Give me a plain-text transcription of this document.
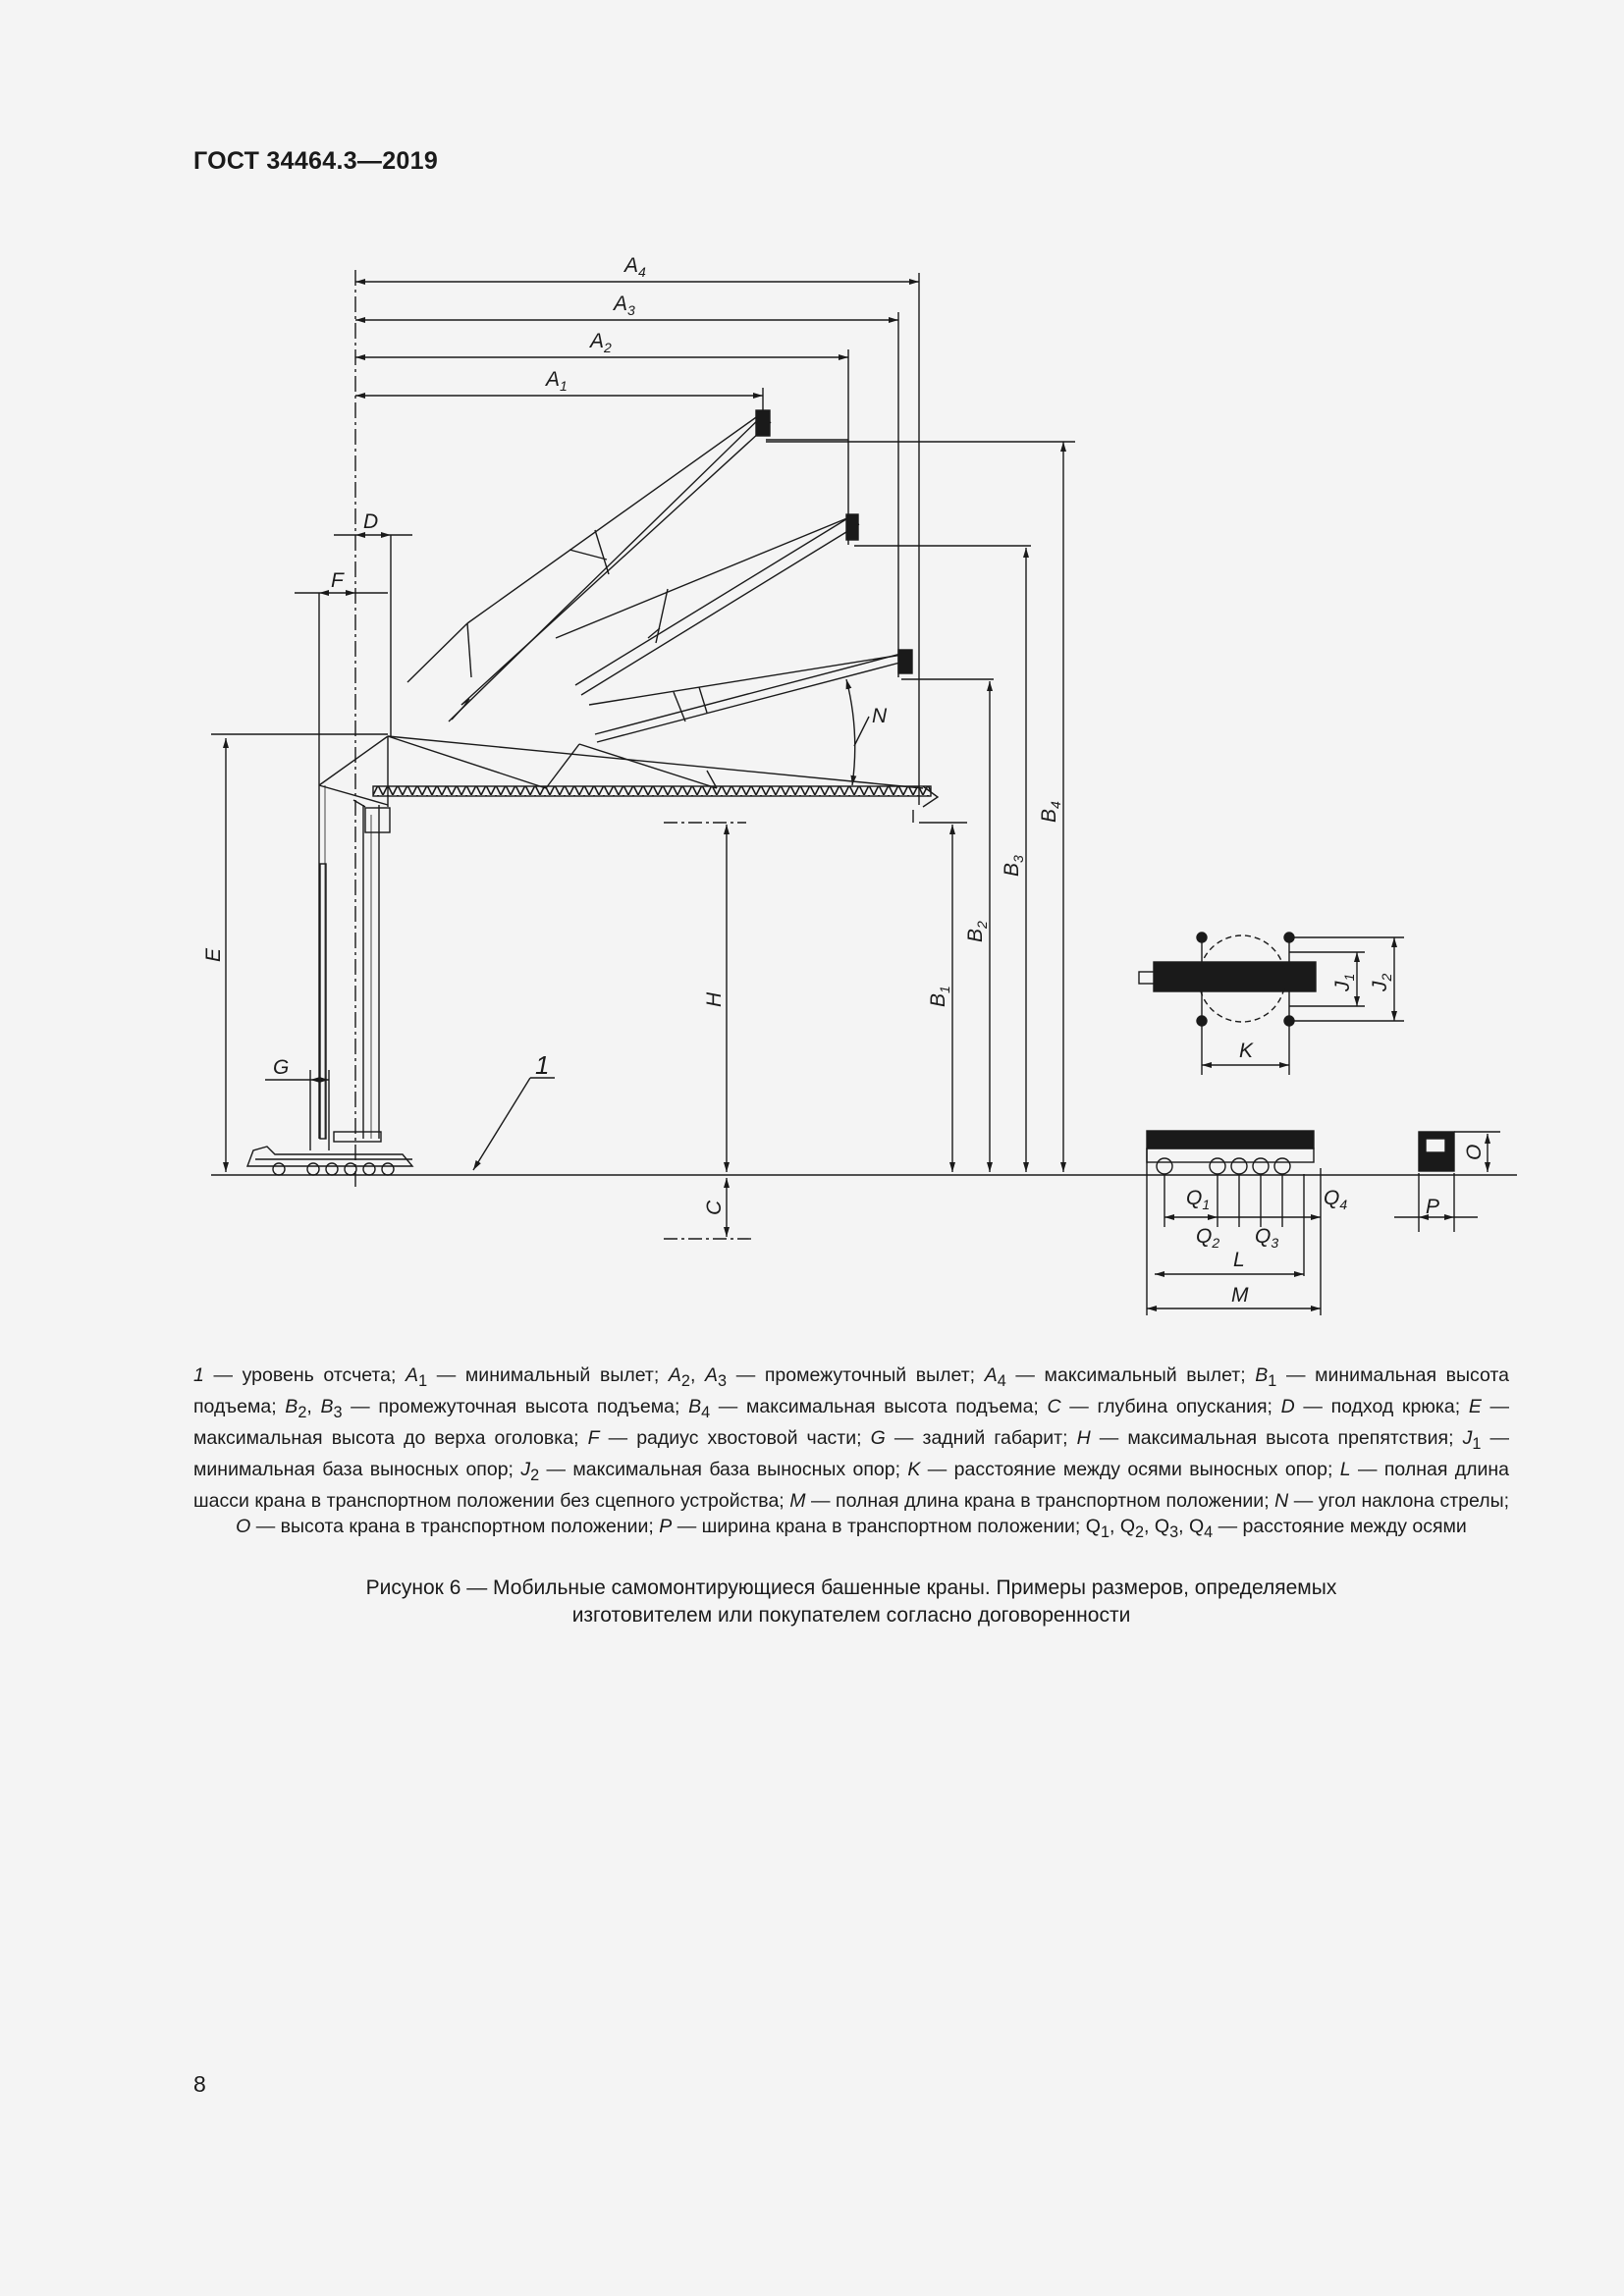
ГОСТ 34464.3—2019
$A_4$
$A_3$
$A_2$
$A_1$
D
F
G
N
1
E
H
C
$B_1$
$B_2$
$B_3$
$B_4$
$J_1$
$J_2$
K
O
P
$Q_1$
$Q_2$ $Q_3$
$Q_4$
L
M
1 — уровень отсчета; $A_1$ — минимальный вылет; $A_2$, $A_3$ — промежуточный вылет; $A_4$ — максимальный вылет; $B_1$ — минимальная высота подъема; $B_2$, $B_3$ — промежуточная высота подъема; $B_4$ — максимальная высота подъема; C — глубина опускания; D — подход крюка; E — максимальная высота до верха оголовка; F — радиус хвостовой части; G — задний габарит; H — максимальная высота препятствия; $J_1$ — минимальная база выносных опор; $J_2$ — максимальная база выносных опор; K — расстояние между осями выносных опор; L — полная длина шасси крана в транспортном положении без сцепного устройства; M — полная длина крана в транспортном положении; N — угол наклона стрелы; O — высота крана в транспортном положении; P — ширина крана в транспортном положении; $Q_1$, $Q_2$, $Q_3$, $Q_4$ — расстояние между осями
Рисунок 6 — Мобильные самомонтирующиеся башенные краны. Примеры размеров, определяемых
изготовителем или покупателем согласно договоренности
8
